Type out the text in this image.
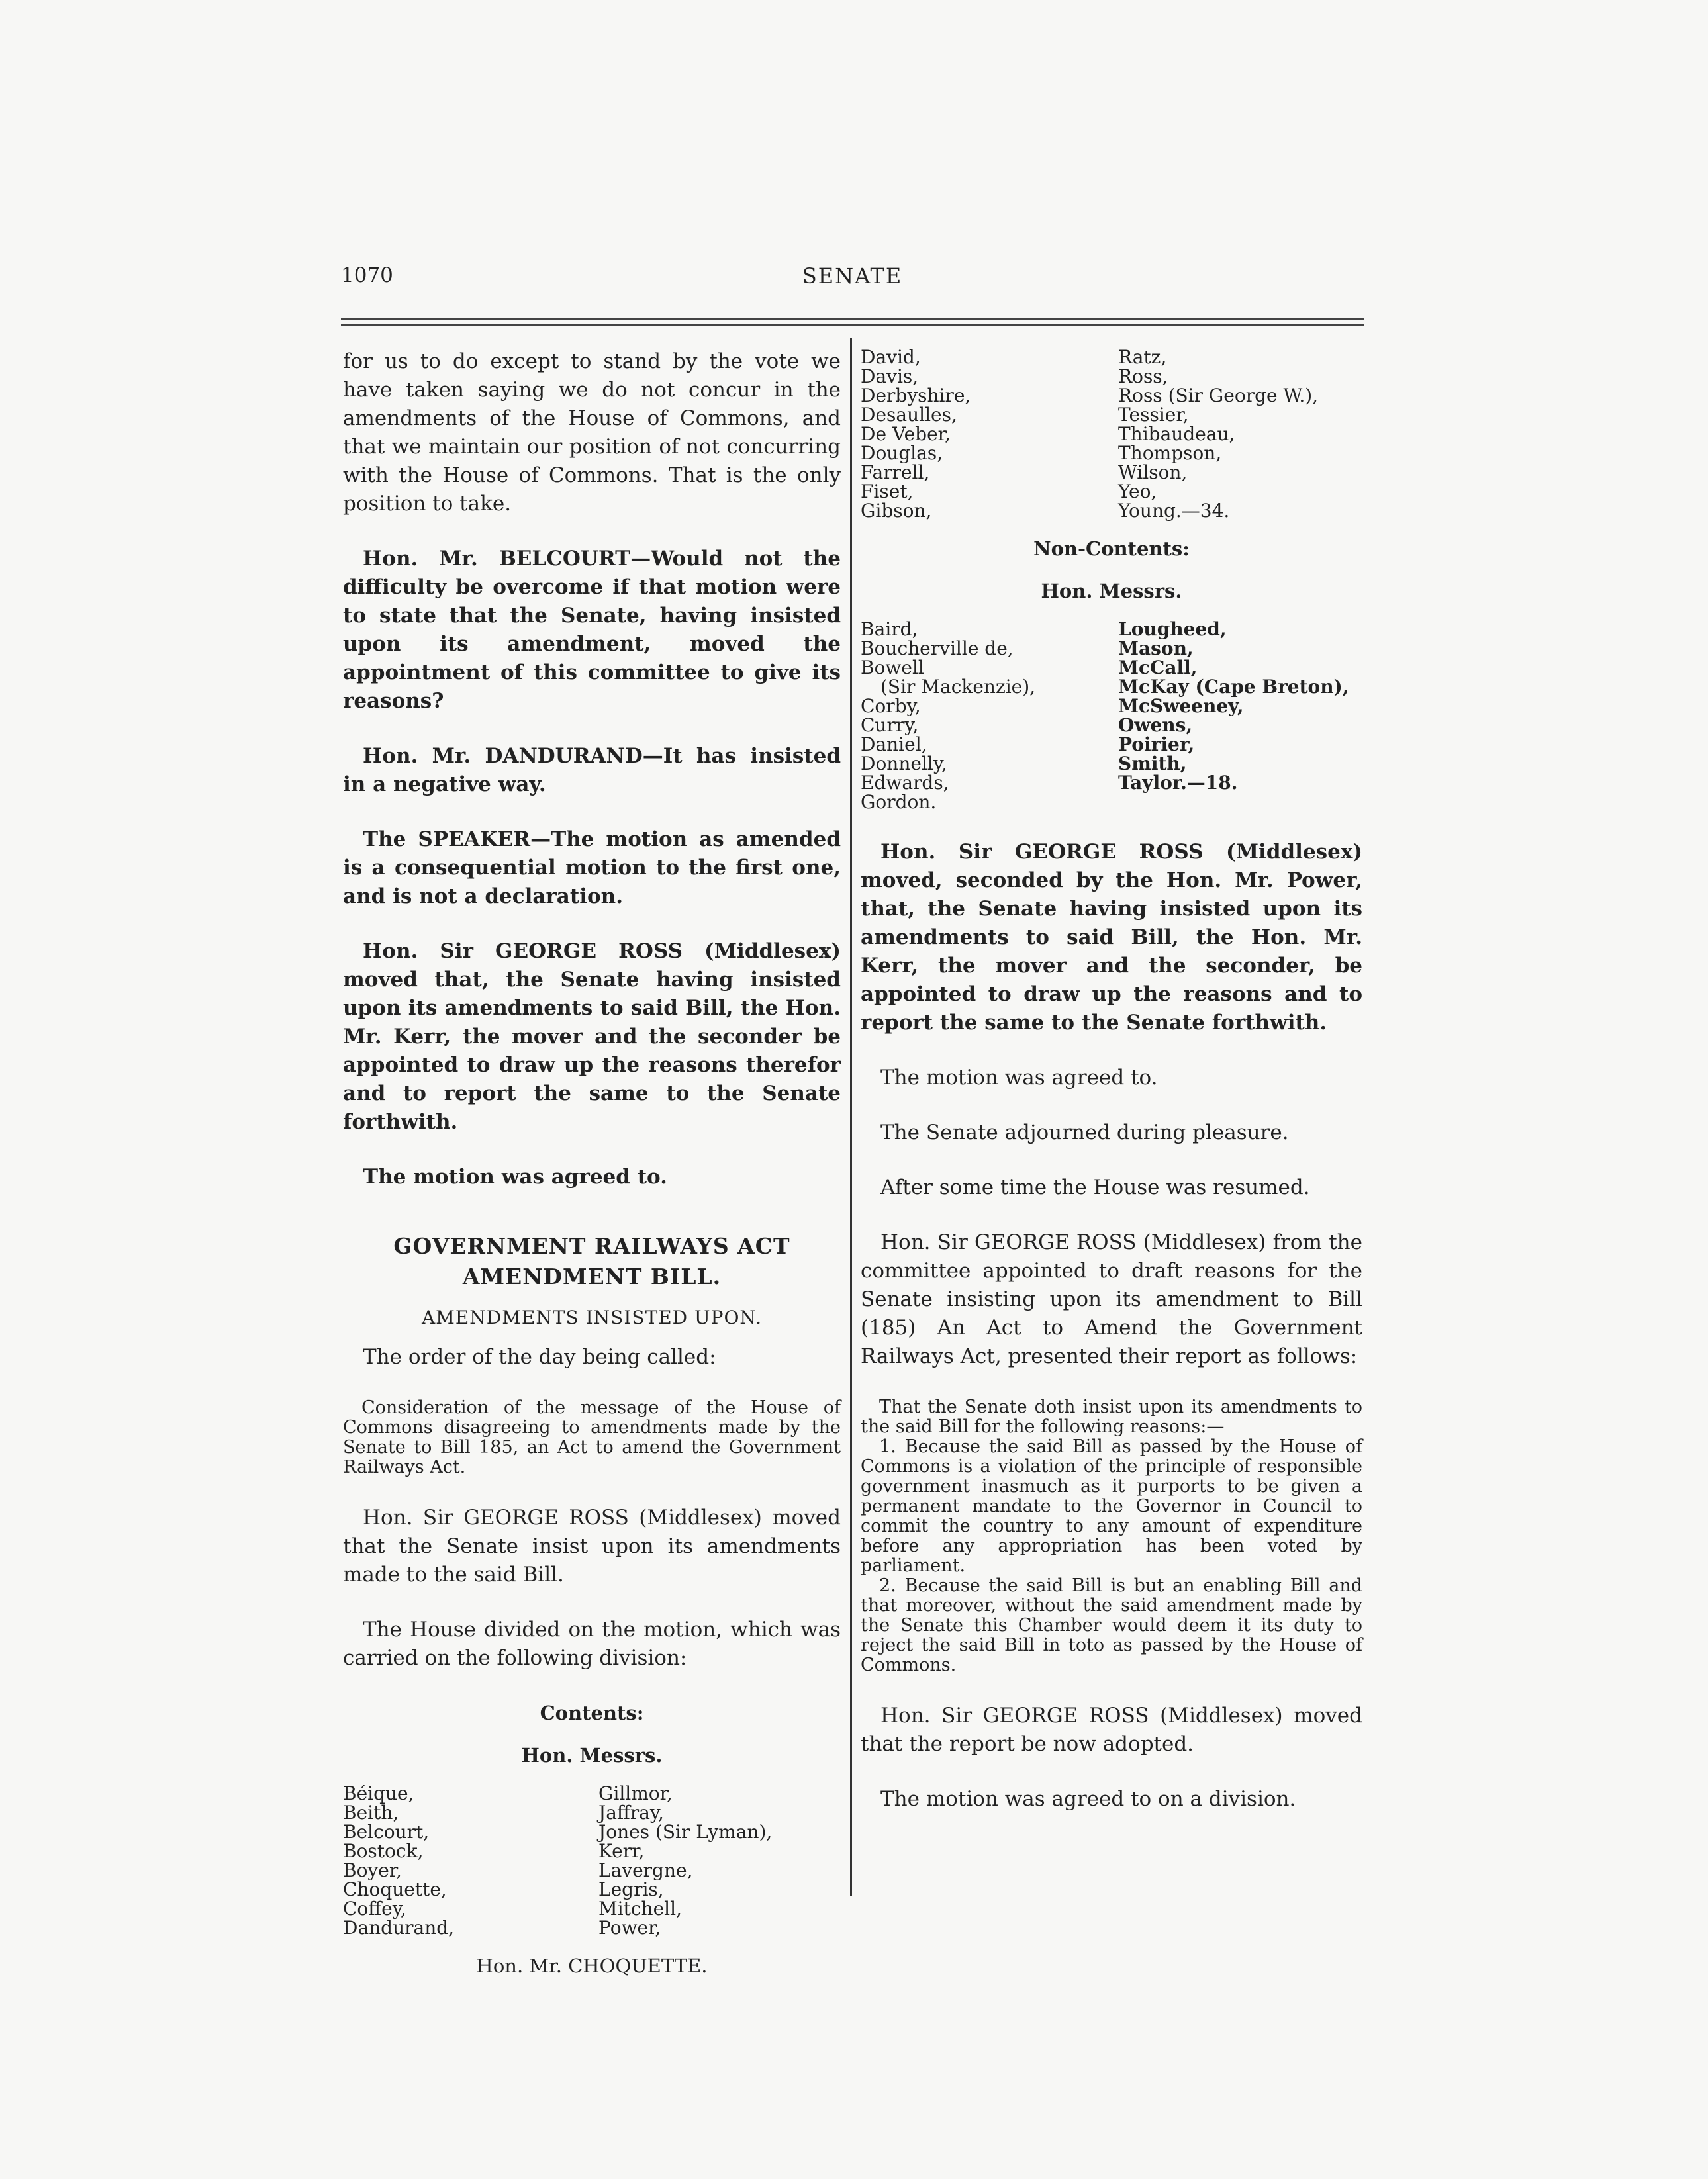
1070	SENATE

for us to do except to stand by the vote we have taken saying we do not concur in the amendments of the House of Commons, and that we maintain our position of not concurring with the House of Commons. That is the only position to take.

Hon. Mr. BELCOURT—Would not the difficulty be overcome if that motion were to state that the Senate, having insisted upon its amendment, moved the appointment of this committee to give its reasons?

Hon. Mr. DANDURAND—It has insisted in a negative way.

The SPEAKER—The motion as amended is a consequential motion to the first one, and is not a declaration.

Hon. Sir GEORGE ROSS (Middlesex) moved that, the Senate having insisted upon its amendments to said Bill, the Hon. Mr. Kerr, the mover and the seconder be appointed to draw up the reasons therefor and to report the same to the Senate forthwith.

The motion was agreed to.

GOVERNMENT RAILWAYS ACT

AMENDMENT BILL.

AMENDMENTS INSISTED UPON.

The order of the day being called:

Consideration of the message of the House of Commons disagreeing to amendments made by the Senate to Bill 185, an Act to amend the Government Railways Act.

Hon. Sir GEORGE ROSS (Middlesex) moved that the Senate insist upon its amendments made to the said Bill.

The House divided on the motion, which was carried on the following division:

Contents:

Hon. Messrs.

Béique,
Beith,
Belcourt,
Bostock,
Boyer,
Choquette,
Coffey,
Dandurand,
Gillmor,
Jaffray,
Jones (Sir Lyman),
Kerr,
Lavergne,
Legris,
Mitchell,
Power,

Hon. Mr. CHOQUETTE.

David,
Davis,
Derbyshire,
Desaulles,
De Veber,
Douglas,
Farrell,
Fiset,
Gibson,
Ratz,
Ross,
Ross (Sir George W.),
Tessier,
Thibaudeau,
Thompson,
Wilson,
Yeo,
Young.—34.

Non-Contents:

Hon. Messrs.

Baird,
Boucherville de,
Bowell
(Sir Mackenzie),
Corby,
Curry,
Daniel,
Donnelly,
Edwards,
Gordon.
Lougheed,
Mason,
McCall,
McKay (Cape Breton),
McSweeney,
Owens,
Poirier,
Smith,
Taylor.—18.

Hon. Sir GEORGE ROSS (Middlesex) moved, seconded by the Hon. Mr. Power, that, the Senate having insisted upon its amendments to said Bill, the Hon. Mr. Kerr, the mover and the seconder, be appointed to draw up the reasons and to report the same to the Senate forthwith.

The motion was agreed to.

The Senate adjourned during pleasure.

After some time the House was resumed.

Hon. Sir GEORGE ROSS (Middlesex) from the committee appointed to draft reasons for the Senate insisting upon its amendment to Bill (185) An Act to Amend the Government Railways Act, presented their report as follows:

That the Senate doth insist upon its amendments to the said Bill for the following reasons:—

1. Because the said Bill as passed by the House of Commons is a violation of the principle of responsible government inasmuch as it purports to be given a permanent mandate to the Governor in Council to commit the country to any amount of expenditure before any appropriation has been voted by parliament.

2. Because the said Bill is but an enabling Bill and that moreover, without the said amendment made by the Senate this Chamber would deem it its duty to reject the said Bill in toto as passed by the House of Commons.

Hon. Sir GEORGE ROSS (Middlesex) moved that the report be now adopted.

The motion was agreed to on a division.
